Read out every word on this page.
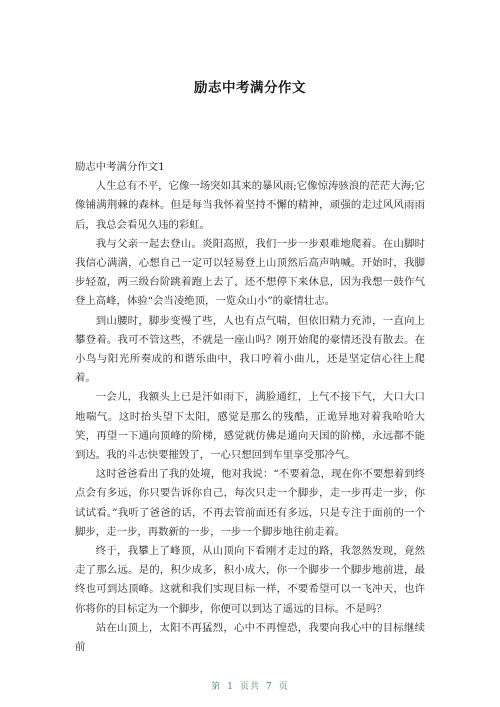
励志中考满分作文

励志中考满分作文1

人生总有不平，它像一场突如其来的暴风雨;它像惊涛骇浪的茫茫大海;它像铺满荆棘的森林。但是每当我怀着坚持不懈的精神，顽强的走过风风雨雨后，我总会看见久违的彩虹。

我与父亲一起去登山。炎阳高照，我们一步一步艰难地爬着。在山脚时我信心满满，心想自己一定可以轻易登上山顶然后高声呐喊。开始时，我脚步轻盈，两三级台阶跳着跑上去了，还不想停下来休息，因为我想一鼓作气登上高峰，体验“会当凌绝顶，一览众山小”的豪情壮志。

到山腰时，脚步变慢了些，人也有点气喘，但依旧精力充沛，一直向上攀登着。我可不管这些，不就是一座山吗？刚开始爬的豪情还没有散去。在小鸟与阳光所奏成的和谐乐曲中，我口哼着小曲儿，还是坚定信心往上爬着。

一会儿，我额头上已是汗如雨下，满脸通红，上气不接下气，大口大口地喘气。这时抬头望下太阳，感觉是那么的残酷，正诡异地对着我哈哈大笑，再望一下通向顶峰的阶梯，感觉就仿佛是通向天国的阶梯，永远都不能到达。我的斗志快要摧毁了，一心只想回到车里享受那冷气。

这时爸爸看出了我的处境，他对我说：“不要着急，现在你不要想着到终点会有多远，你只要告诉你自己，每次只走一个脚步，走一步再走一步，你试试看。”我听了爸爸的话，不再去管前面还有多远，只是专注于面前的一个脚步，走一步，再数新的一步，一步一个脚步地往前走着。

终于，我攀上了峰顶，从山顶向下看刚才走过的路，我忽然发现，竟然走了那么远。是的，积少成多，积小成大，你一个脚步一个脚步地前进，最终也可到达顶峰。这就和我们实现目标一样，不要希望可以一飞冲天，也许你将你的目标定为一个脚步，你便可以到达了遥远的目标。不是吗？

站在山顶上，太阳不再猛烈，心中不再惶恐，我要向我心中的目标继续前

第 1 页共 7 页
